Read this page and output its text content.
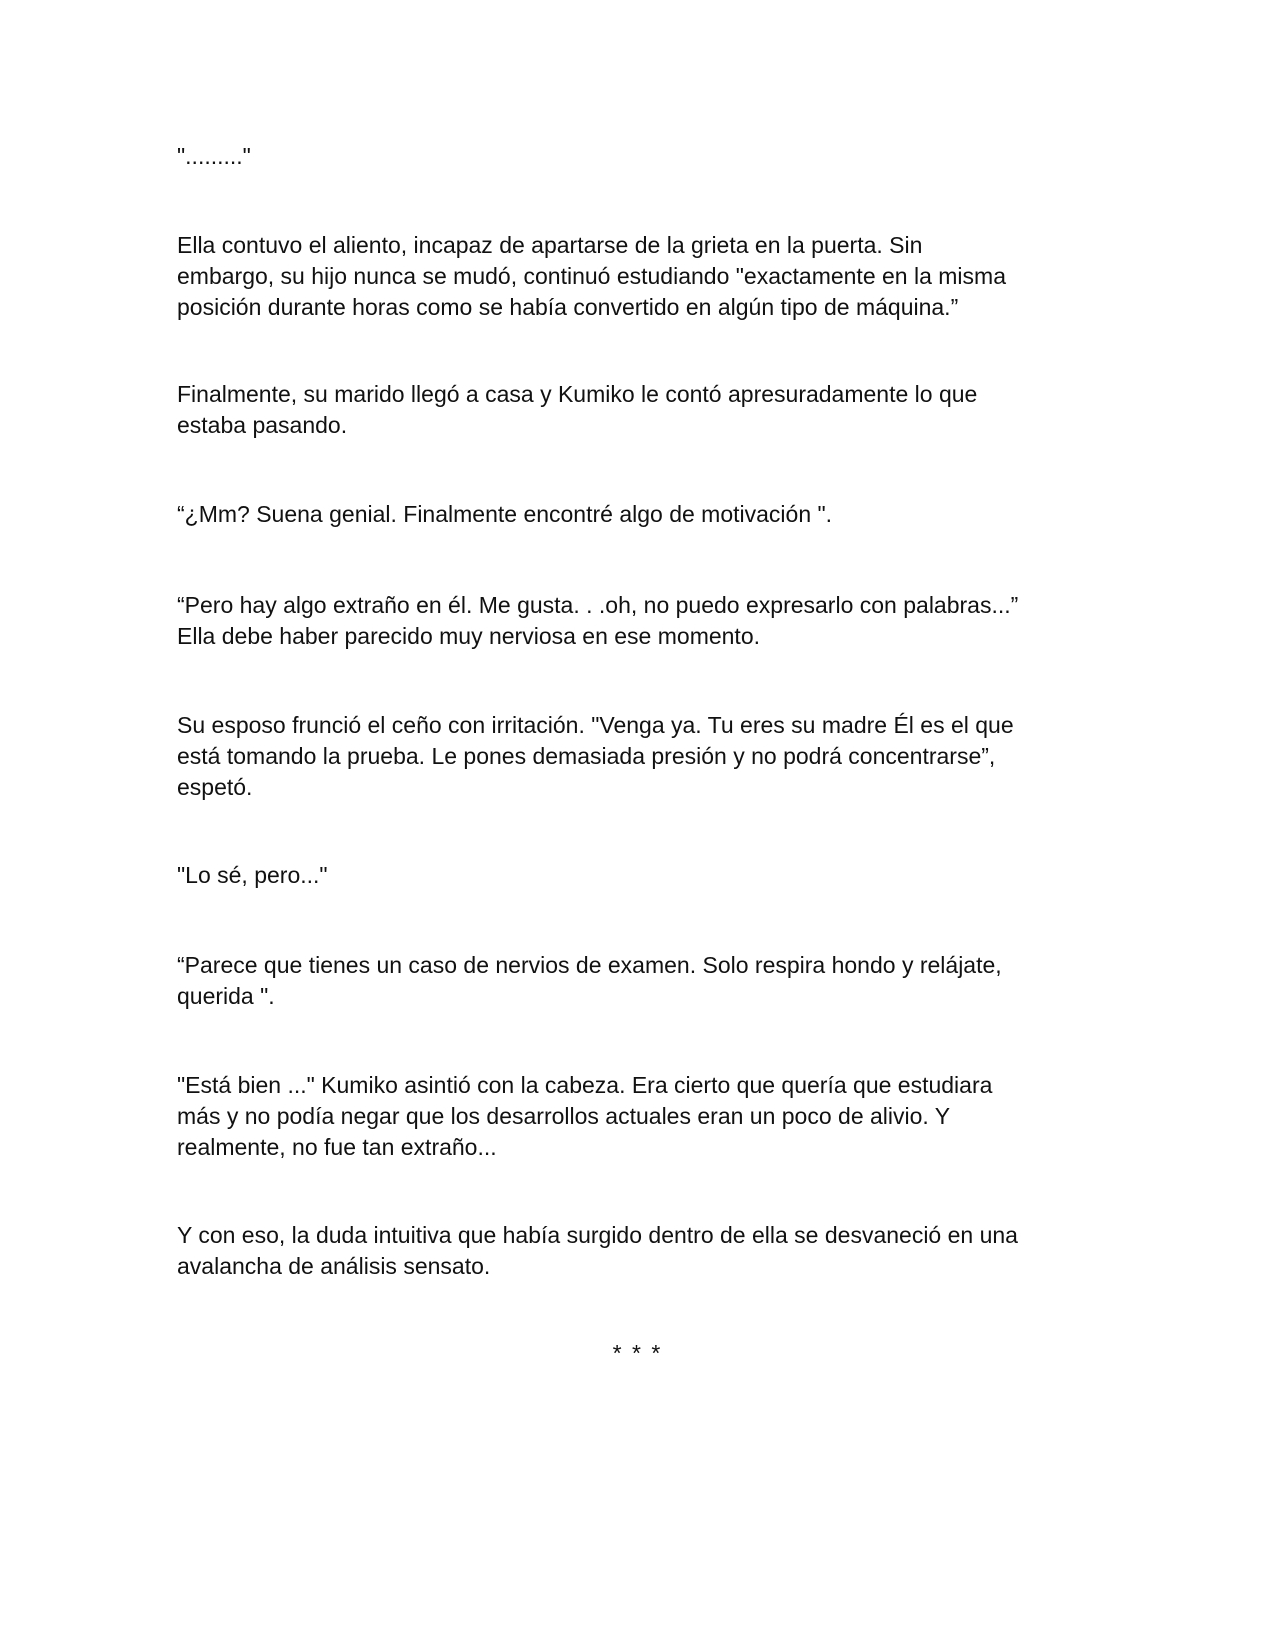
"........."

Ella contuvo el aliento, incapaz de apartarse de la grieta en la puerta. Sin
embargo, su hijo nunca se mudó, continuó estudiando "exactamente en la misma
posición durante horas como se había convertido en algún tipo de máquina.”

Finalmente, su marido llegó a casa y Kumiko le contó apresuradamente lo que
estaba pasando.

“¿Mm? Suena genial. Finalmente encontré algo de motivación ".

“Pero hay algo extraño en él. Me gusta. . .oh, no puedo expresarlo con palabras...”
Ella debe haber parecido muy nerviosa en ese momento.

Su esposo frunció el ceño con irritación. "Venga ya. Tu eres su madre Él es el que
está tomando la prueba. Le pones demasiada presión y no podrá concentrarse”,
espetó.

"Lo sé, pero..."

“Parece que tienes un caso de nervios de examen. Solo respira hondo y relájate,
querida ".

"Está bien ..." Kumiko asintió con la cabeza. Era cierto que quería que estudiara
más y no podía negar que los desarrollos actuales eran un poco de alivio. Y
realmente, no fue tan extraño...

Y con eso, la duda intuitiva que había surgido dentro de ella se desvaneció en una
avalancha de análisis sensato.

* * *
